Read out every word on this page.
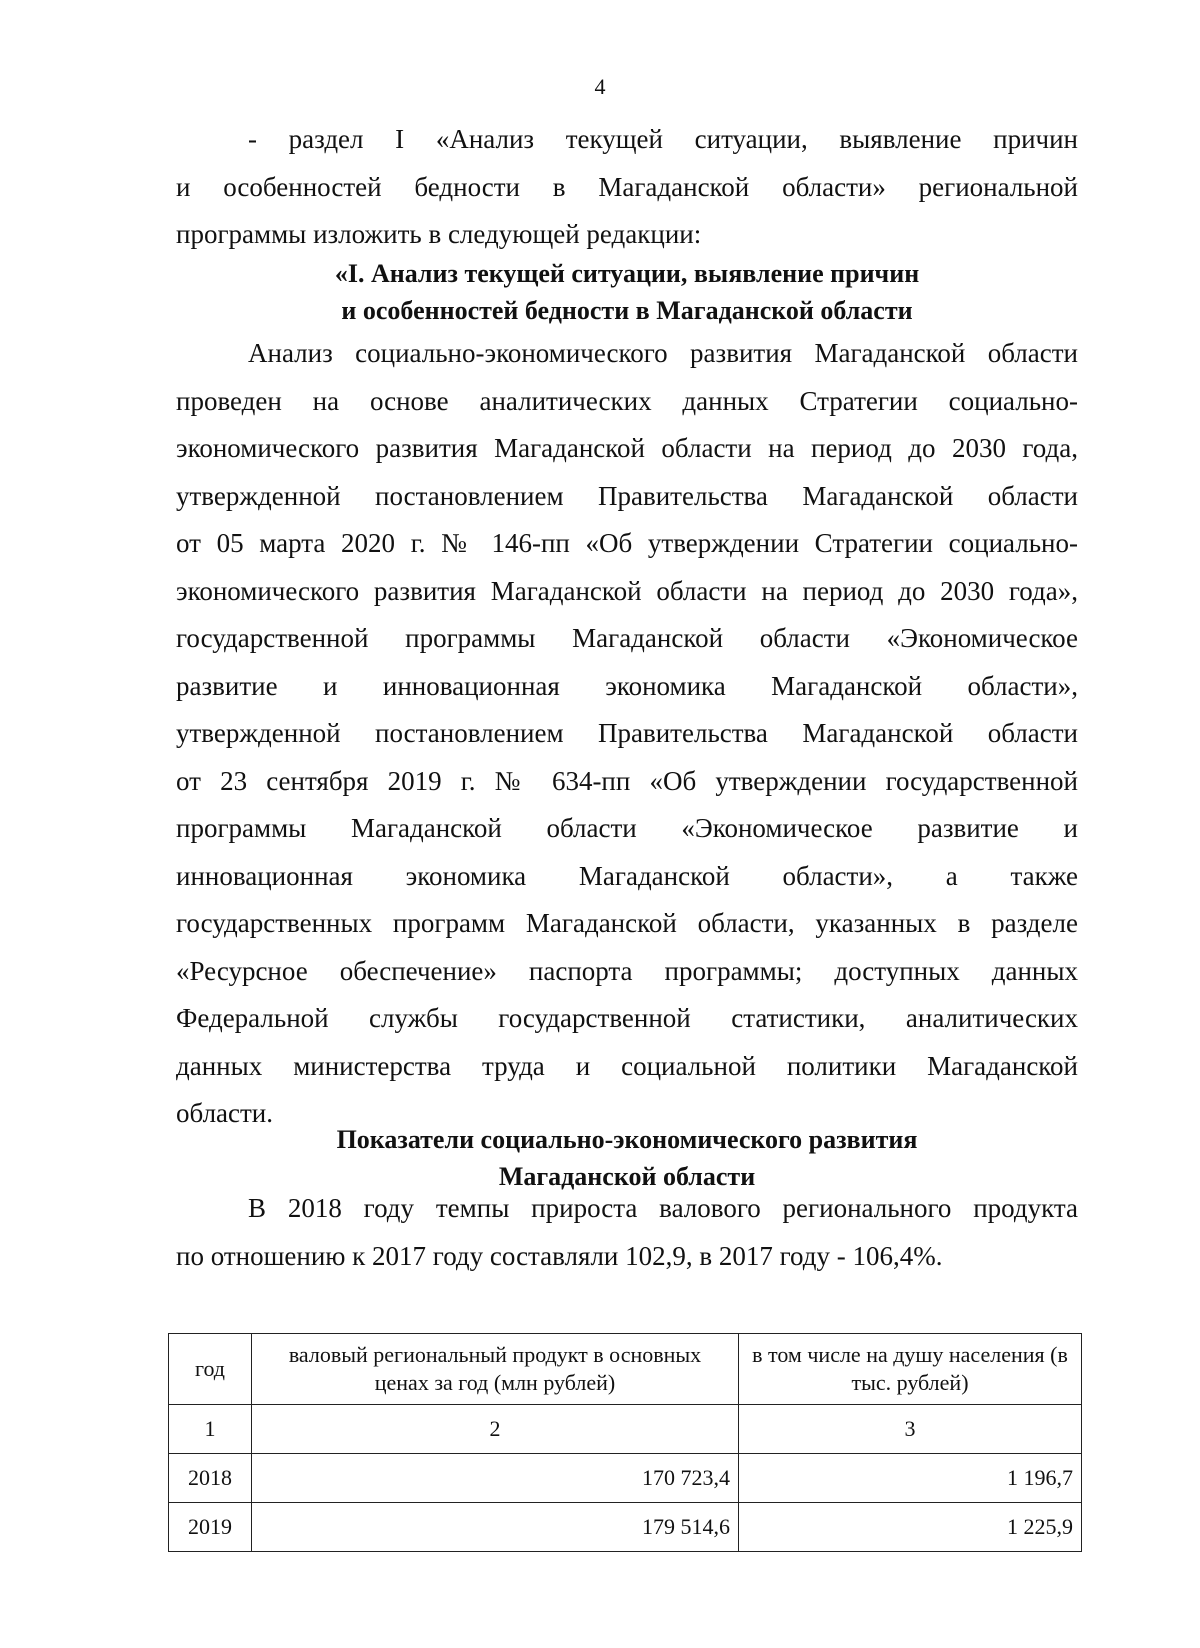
4
- раздел I «Анализ текущей ситуации, выявление причин
и особенностей бедности в Магаданской области» региональной
программы изложить в следующей редакции:
«I. Анализ текущей ситуации, выявление причин
и особенностей бедности в Магаданской области
Анализ социально-экономического развития Магаданской области
проведен на основе аналитических данных Стратегии социально-
экономического развития Магаданской области на период до 2030 года,
утвержденной постановлением Правительства Магаданской области
от 05 марта 2020 г. № 146-пп «Об утверждении Стратегии социально-
экономического развития Магаданской области на период до 2030 года»,
государственной программы Магаданской области «Экономическое
развитие и инновационная экономика Магаданской области»,
утвержденной постановлением Правительства Магаданской области
от 23 сентября 2019 г. № 634-пп «Об утверждении государственной
программы Магаданской области «Экономическое развитие и
инновационная экономика Магаданской области», а также
государственных программ Магаданской области, указанных в разделе
«Ресурсное обеспечение» паспорта программы; доступных данных
Федеральной службы государственной статистики, аналитических
данных министерства труда и социальной политики Магаданской
области.
Показатели социально-экономического развития
Магаданской области
В 2018 году темпы прироста валового регионального продукта
по отношению к 2017 году составляли 102,9, в 2017 году - 106,4%.
год	валовый региональный продукт в основных ценах за год (млн рублей)	в том числе на душу населения (в тыс. рублей)
1	2	3
2018	170 723,4	1 196,7
2019	179 514,6	1 225,9
